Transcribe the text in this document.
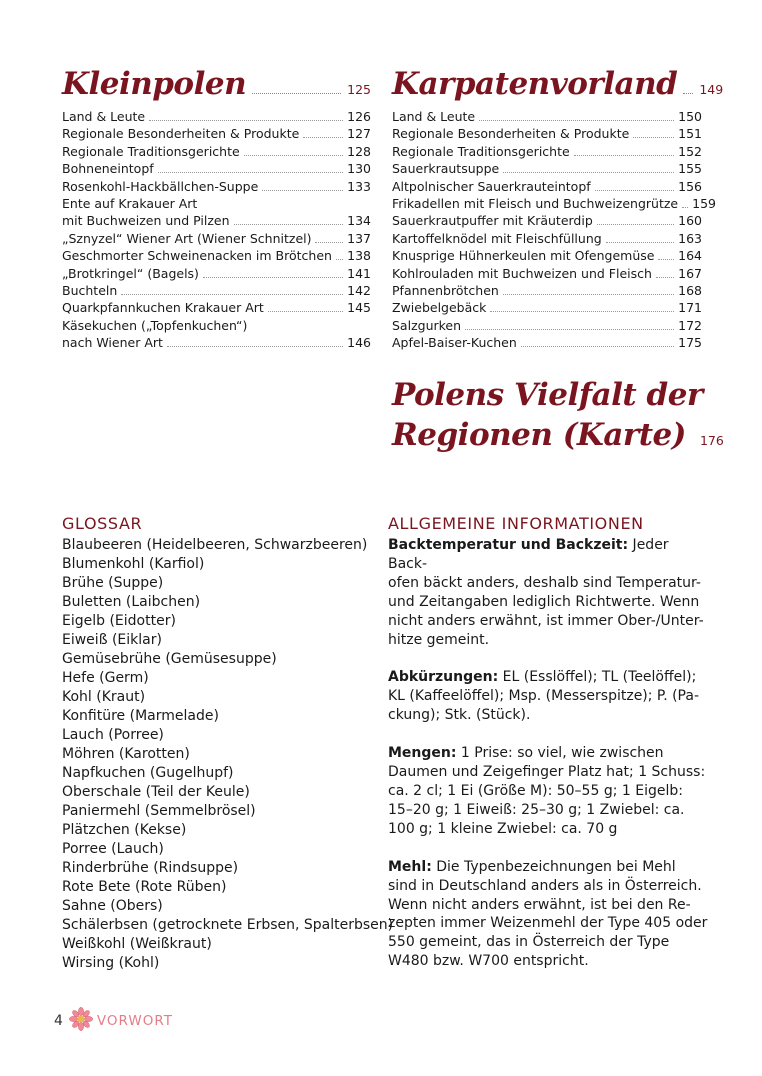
Kleinpolen	125
Land & Leute	126
Regionale Besonderheiten & Produkte	127
Regionale Traditionsgerichte	128
Bohneneintopf	130
Rosenkohl-Hackbällchen-Suppe	133
Ente auf Krakauer Art
mit Buchweizen und Pilzen	134
„Sznyzel“ Wiener Art (Wiener Schnitzel)	137
Geschmorter Schweinenacken im Brötchen 138
„Brotkringel“ (Bagels)	141
Buchteln	142
Quarkpfannkuchen Krakauer Art	145
Käsekuchen („Topfenkuchen“)
nach Wiener Art	146
Karpatenvorland 149
Land & Leute	150
Regionale Besonderheiten & Produkte	151
Regionale Traditionsgerichte	152
Sauerkrautsuppe	155
Altpolnischer Sauerkrauteintopf	156
Frikadellen mit Fleisch und Buchweizengrütze 159
Sauerkrautpuffer mit Kräuterdip	160
Kartoffelknödel mit Fleischfüllung	163
Knusprige Hühnerkeulen mit Ofengemüse 164
Kohlrouladen mit Buchweizen und Fleisch 167
Pfannenbrötchen	168
Zwiebelgebäck	171
Salzgurken	172
Apfel-Baiser-Kuchen	175
Polens Vielfalt der
Regionen (Karte) 176
GLOSSAR
Blaubeeren (Heidelbeeren, Schwarzbeeren)
Blumenkohl (Karfiol)
Brühe (Suppe)
Buletten (Laibchen)
Eigelb (Eidotter)
Eiweiß (Eiklar)
Gemüsebrühe (Gemüsesuppe)
Hefe (Germ)
Kohl (Kraut)
Konfitüre (Marmelade)
Lauch (Porree)
Möhren (Karotten)
Napfkuchen (Gugelhupf)
Oberschale (Teil der Keule)
Paniermehl (Semmelbrösel)
Plätzchen (Kekse)
Porree (Lauch)
Rinderbrühe (Rindsuppe)
Rote Bete (Rote Rüben)
Sahne (Obers)
Schälerbsen (getrocknete Erbsen, Spalterbsen)
Weißkohl (Weißkraut)
Wirsing (Kohl)
ALLGEMEINE INFORMATIONEN

Backtemperatur und Backzeit: Jeder Back-
ofen bäckt anders, deshalb sind Temperatur-
und Zeitangaben lediglich Richtwerte. Wenn
nicht anders erwähnt, ist immer Ober-/Unter-
hitze gemeint.

Abkürzungen: EL (Esslöffel); TL (Teelöffel);
KL (Kaffeelöffel); Msp. (Messerspitze); P. (Pa-
ckung); Stk. (Stück).

Mengen: 1 Prise: so viel, wie zwischen
Daumen und Zeigefinger Platz hat; 1 Schuss:
ca. 2 cl; 1 Ei (Größe M): 50–55 g; 1 Eigelb:
15–20 g; 1 Eiweiß: 25–30 g; 1 Zwiebel: ca.
100 g; 1 kleine Zwiebel: ca. 70 g

Mehl: Die Typenbezeichnungen bei Mehl
sind in Deutschland anders als in Österreich.
Wenn nicht anders erwähnt, ist bei den Re-
zepten immer Weizenmehl der Type 405 oder
550 gemeint, das in Österreich der Type
W480 bzw. W700 entspricht.

4	VORWORT
